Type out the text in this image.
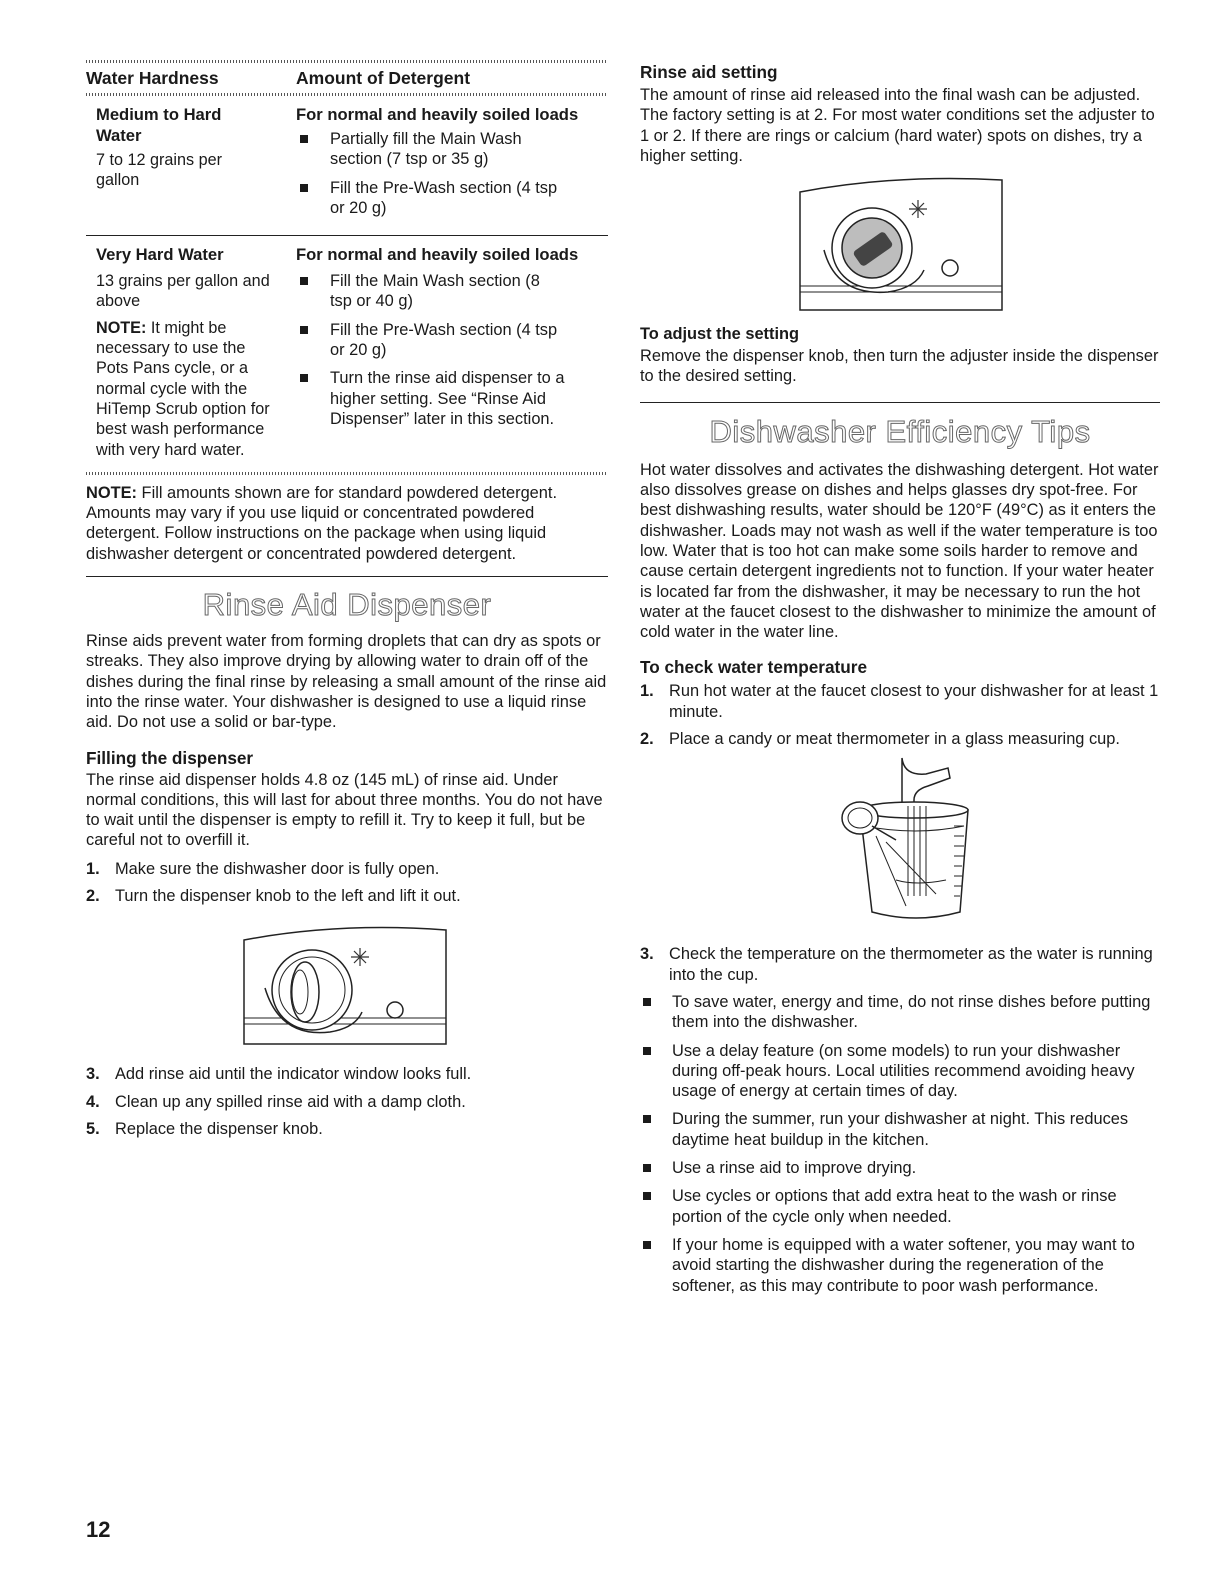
Water Hardness	Amount of Detergent

Medium to Hard Water

7 to 12 grains per gallon

For normal and heavily soiled loads

Partially fill the Main Wash section (7 tsp or 35 g)

Fill the Pre-Wash section (4 tsp or 20 g)

Very Hard Water

13 grains per gallon and above

NOTE: It might be necessary to use the Pots Pans cycle, or a normal cycle with the HiTemp Scrub option for best wash performance with very hard water.

For normal and heavily soiled loads

Fill the Main Wash section (8 tsp or 40 g)

Fill the Pre-Wash section (4 tsp or 20 g)

Turn the rinse aid dispenser to a higher setting. See “Rinse Aid Dispenser” later in this section.

NOTE: Fill amounts shown are for standard powdered detergent. Amounts may vary if you use liquid or concentrated powdered detergent. Follow instructions on the package when using liquid dishwasher detergent or concentrated powdered detergent.

Rinse Aid Dispenser

Rinse aids prevent water from forming droplets that can dry as spots or streaks. They also improve drying by allowing water to drain off of the dishes during the final rinse by releasing a small amount of the rinse aid into the rinse water. Your dishwasher is designed to use a liquid rinse aid. Do not use a solid or bar-type.

Filling the dispenser

The rinse aid dispenser holds 4.8 oz (145 mL) of rinse aid. Under normal conditions, this will last for about three months. You do not have to wait until the dispenser is empty to refill it. Try to keep it full, but be careful not to overfill it.

1. Make sure the dishwasher door is fully open.

2. Turn the dispenser knob to the left and lift it out.

3. Add rinse aid until the indicator window looks full.

4. Clean up any spilled rinse aid with a damp cloth.

5. Replace the dispenser knob.

Rinse aid setting

The amount of rinse aid released into the final wash can be adjusted. The factory setting is at 2. For most water conditions set the adjuster to 1 or 2. If there are rings or calcium (hard water) spots on dishes, try a higher setting.

To adjust the setting

Remove the dispenser knob, then turn the adjuster inside the dispenser to the desired setting.

Dishwasher Efficiency Tips

Hot water dissolves and activates the dishwashing detergent. Hot water also dissolves grease on dishes and helps glasses dry spot-free. For best dishwashing results, water should be 120°F (49°C) as it enters the dishwasher. Loads may not wash as well if the water temperature is too low. Water that is too hot can make some soils harder to remove and cause certain detergent ingredients not to function. If your water heater is located far from the dishwasher, it may be necessary to run the hot water at the faucet closest to the dishwasher to minimize the amount of cold water in the water line.

To check water temperature

1. Run hot water at the faucet closest to your dishwasher for at least 1 minute.

2. Place a candy or meat thermometer in a glass measuring cup.

3. Check the temperature on the thermometer as the water is running into the cup.

To save water, energy and time, do not rinse dishes before putting them into the dishwasher.

Use a delay feature (on some models) to run your dishwasher during off-peak hours. Local utilities recommend avoiding heavy usage of energy at certain times of day.

During the summer, run your dishwasher at night. This reduces daytime heat buildup in the kitchen.

Use a rinse aid to improve drying.

Use cycles or options that add extra heat to the wash or rinse portion of the cycle only when needed.

If your home is equipped with a water softener, you may want to avoid starting the dishwasher during the regeneration of the softener, as this may contribute to poor wash performance.

12
